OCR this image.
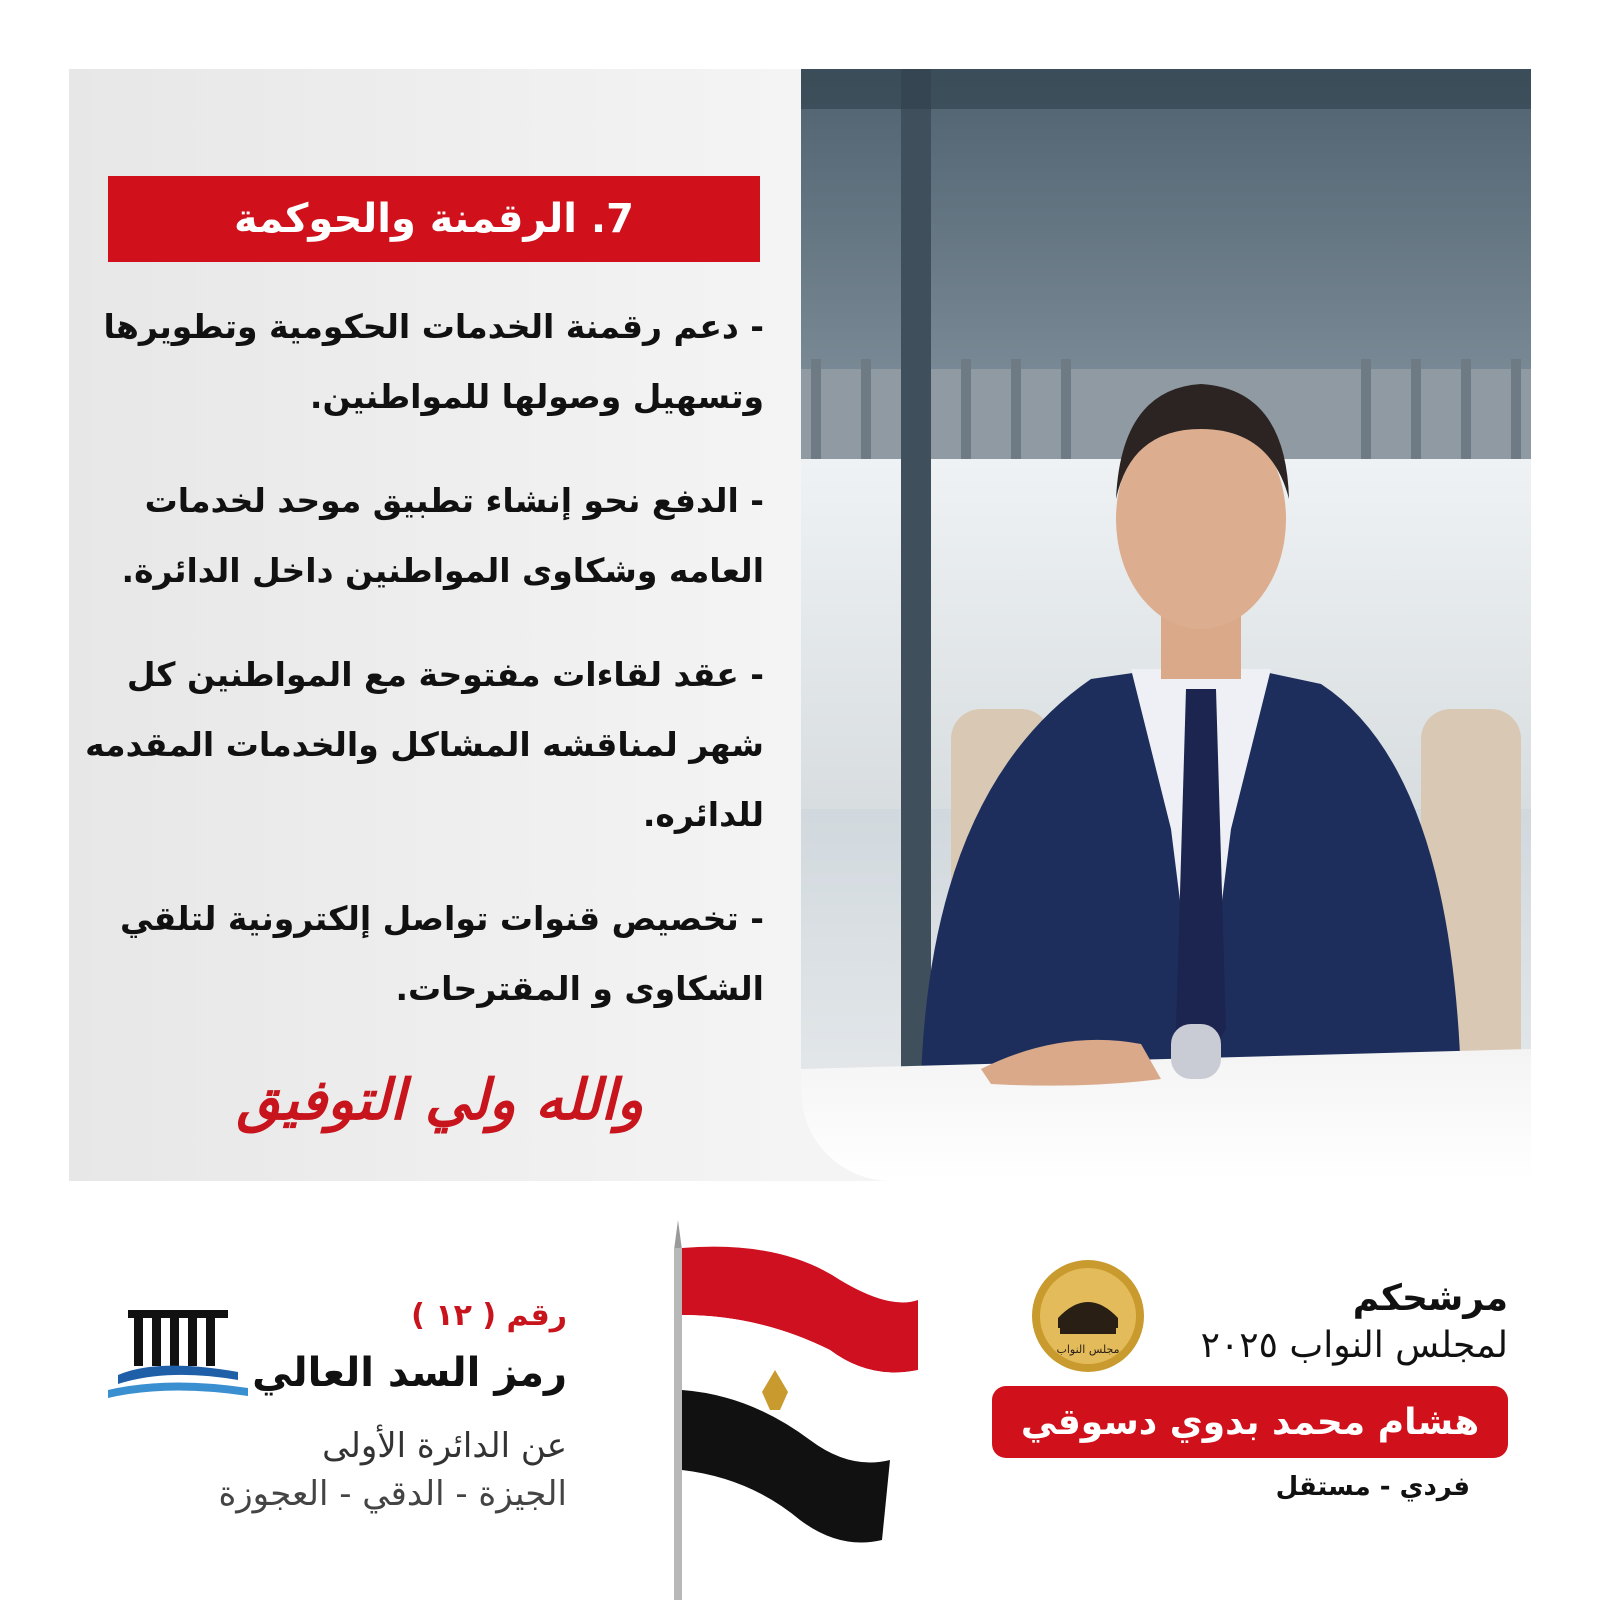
7. الرقمنة والحوكمة

- دعم رقمنة الخدمات الحكومية وتطويرها وتسهيل وصولها للمواطنين.

- الدفع نحو إنشاء تطبيق موحد لخدمات العامه وشكاوى المواطنين داخل الدائرة.

- عقد لقاءات مفتوحة مع المواطنين كل شهر لمناقشه المشاكل والخدمات المقدمه للدائره.

- تخصيص قنوات تواصل إلكترونية لتلقي الشكاوى و المقترحات.

والله ولي التوفيق
مجلس النواب
مرشحكم
لمجلس النواب ٢٠٢٥
هشام محمد بدوي دسوقي
فردي - مستقل
رقم ( ١٢ )
رمز السد العالي
عن الدائرة الأولى
الجيزة - الدقي - العجوزة
